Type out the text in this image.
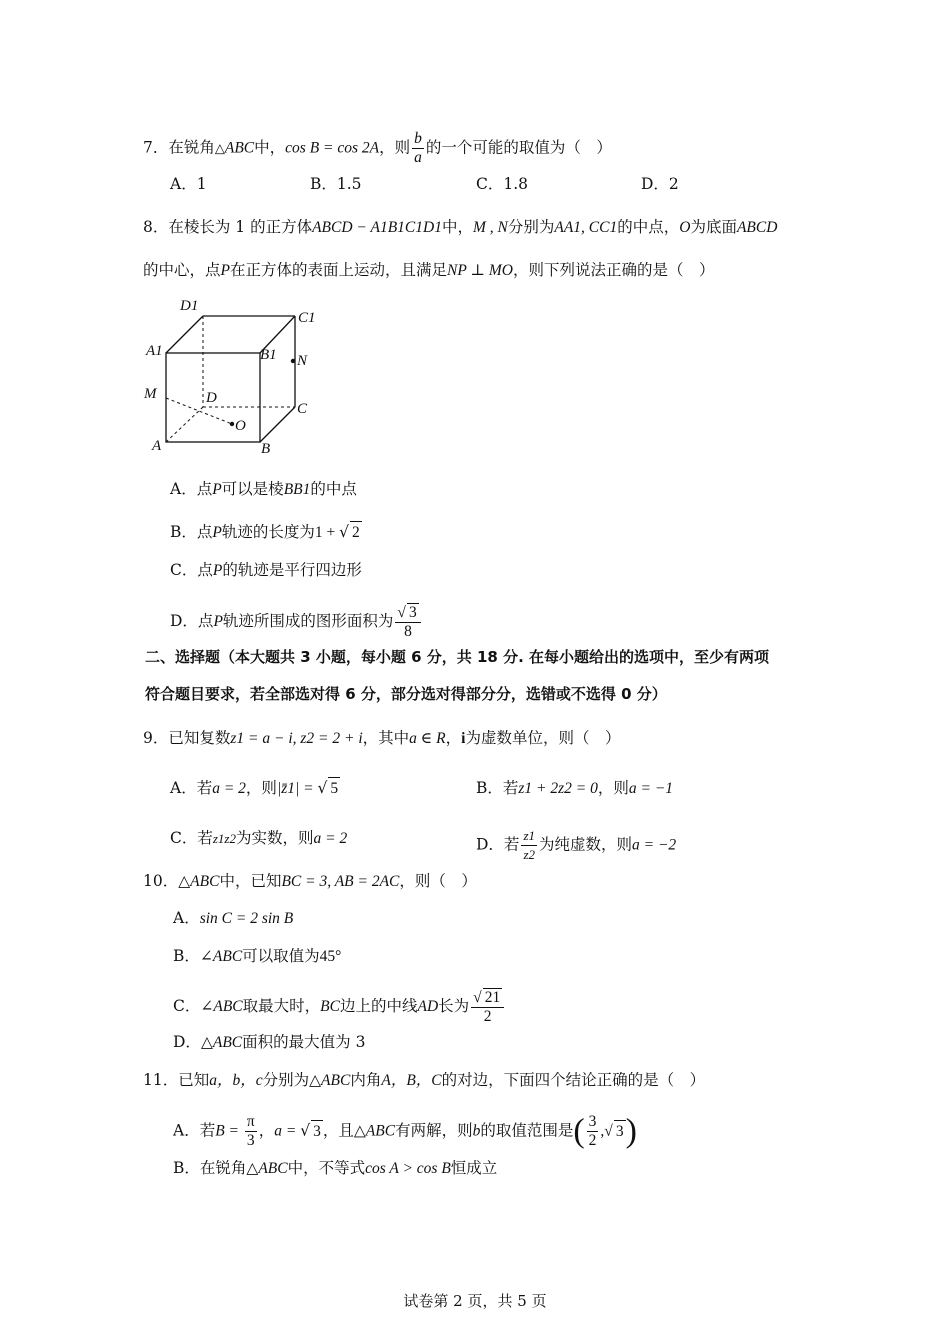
7．在锐角△ABC中，cos B = cos 2A，则 $\frac{b}{a}$ 的一个可能的取值为（　）
A．1	B．1.5	C．1.8	D．2
8．在棱长为 1 的正方体ABCD − A1B1C1D1中，M , N分别为AA1, CC1的中点，O为底面ABCD
的中心，点P在正方体的表面上运动，且满足NP ⊥ MO，则下列说法正确的是（　）
D1
C1
A1	B1 N
M	D
C
O
A	B
A．点P可以是棱BB1的中点
B．点P轨迹的长度为1 + √ 2
C．点P的轨迹是平行四边形
D．点P轨迹所围成的图形面积为 $\frac{√ 3}{8}$
二、选择题（本大题共 3 小题，每小题 6 分，共 18 分. 在每小题给出的选项中，至少有两项
符合题目要求，若全部选对得 6 分，部分选对得部分分，选错或不选得 0 分）
9．已知复数z1 = a − i, z2 = 2 + i，其中a ∈ R，i为虚数单位，则（　）
A．若a = 2，则|z̄1| = √ 5	B．若z1 + 2z2 = 0，则a = −1
C．若z1z2为实数，则a = 2	D．若 $\frac{z1}{z2}$ 为纯虚数，则a = −2
10．△ABC中，已知BC = 3, AB = 2AC，则（　）
A．sin C = 2 sin B
B．∠ABC可以取值为45°
C．∠ABC取最大时，BC边上的中线AD长为 $\frac{√ 21}{2}$
D．△ABC面积的最大值为 3
11．已知a，b，c分别为△ABC内角A，B，C的对边，下面四个结论正确的是（　）
A．若$B = \frac{\pi}{3}$ ，a = √ 3 ，且△ABC有两解，则b的取值范围是( $\frac{3}{2}$ ,√ 3)
B．在锐角△ABC中，不等式cos A > cos B恒成立
试卷第 2 页，共 5 页
